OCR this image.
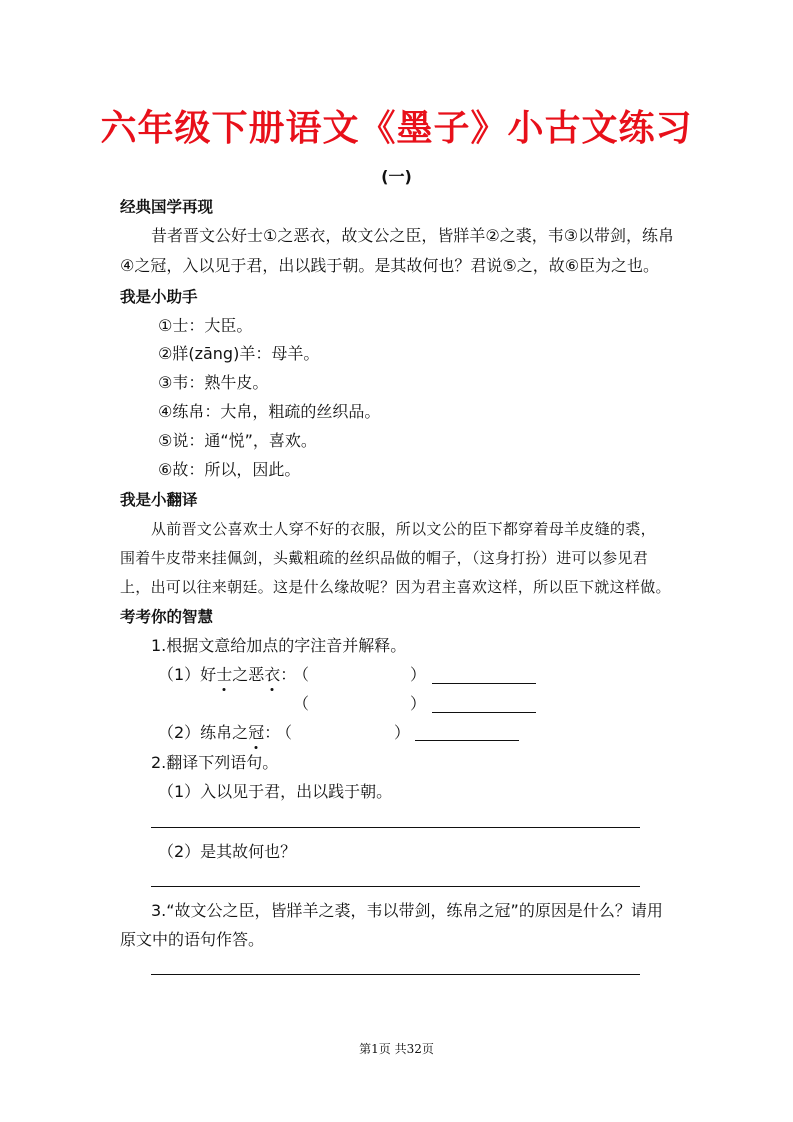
六年级下册语文《墨子》小古文练习
(一)
经典国学再现
昔者晋文公好士①之恶衣，故文公之臣，皆牂羊②之裘，韦③以带剑，练帛
④之冠，入以见于君，出以践于朝。是其故何也？君说⑤之，故⑥臣为之也。
我是小助手
①士：大臣。
②牂(zāng)羊：母羊。
③韦：熟牛皮。
④练帛：大帛，粗疏的丝织品。
⑤说：通“悦”，喜欢。
⑥故：所以，因此。
我是小翻译
从前晋文公喜欢士人穿不好的衣服，所以文公的臣下都穿着母羊皮缝的裘，
围着牛皮带来挂佩剑，头戴粗疏的丝织品做的帽子，（这身打扮）进可以参见君
上，出可以往来朝廷。这是什么缘故呢？因为君主喜欢这样，所以臣下就这样做。
考考你的智慧
1.根据文意给加点的字注音并解释。
（1）好士之恶衣：
（	）
（	）
（2）练帛之冠：
（	）
2.翻译下列语句。
（1）入以见于君，出以践于朝。
（2）是其故何也？
3.“故文公之臣，皆牂羊之裘，韦以带剑，练帛之冠”的原因是什么？请用
原文中的语句作答。
第1页 共32页
